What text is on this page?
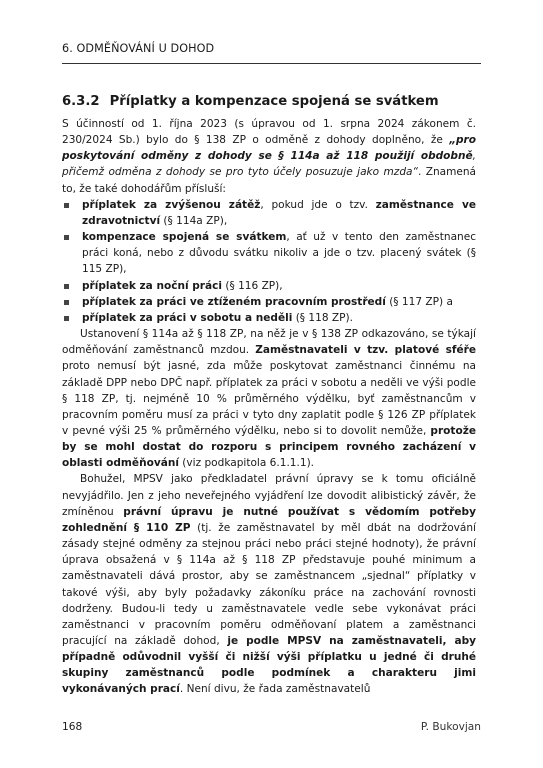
6. ODMĚŇOVÁNÍ U DOHOD
6.3.2 Příplatky a kompenzace spojená se svátkem

S účinností od 1. října 2023 (s úpravou od 1. srpna 2024 zákonem č. 230/2024 Sb.) bylo do § 138 ZP o odměně z dohody doplněno, že „pro poskytování odměny z dohody se § 114a až 118 použijí obdobně, přičemž odměna z dohody se pro tyto účely posuzuje jako mzda“. Znamená to, že také dohodářům přísluší:

příplatek za zvýšenou zátěž, pokud jde o tzv. zaměstnance ve zdravotnictví (§ 114a ZP),
kompenzace spojená se svátkem, ať už v tento den zaměstnanec práci koná, nebo z důvodu svátku nikoliv a jde o tzv. placený svátek (§ 115 ZP),
příplatek za noční práci (§ 116 ZP),
příplatek za práci ve ztíženém pracovním prostředí (§ 117 ZP) a
příplatek za práci v sobotu a neděli (§ 118 ZP).

Ustanovení § 114a až § 118 ZP, na něž je v § 138 ZP odkazováno, se týkají odměňování zaměstnanců mzdou. Zaměstnavateli v tzv. platové sféře proto nemusí být jasné, zda může poskytovat zaměstnanci činnému na základě DPP nebo DPČ např. příplatek za práci v sobotu a neděli ve výši podle § 118 ZP, tj. nejméně 10 % průměrného výdělku, byť zaměstnancům v pracovním poměru musí za práci v tyto dny zaplatit podle § 126 ZP příplatek v pevné výši 25 % průměrného výdělku, nebo si to dovolit nemůže, protože by se mohl dostat do rozporu s principem rovného zacházení v oblasti odměňování (viz podkapitola 6.1.1.1).

Bohužel, MPSV jako předkladatel právní úpravy se k tomu oficiálně nevyjádřilo. Jen z jeho neveřejného vyjádření lze dovodit alibistický závěr, že zmíněnou právní úpravu je nutné používat s vědomím potřeby zohlednění § 110 ZP (tj. že zaměstnavatel by měl dbát na dodržování zásady stejné odměny za stejnou práci nebo práci stejné hodnoty), že právní úprava obsažená v § 114a až § 118 ZP představuje pouhé minimum a zaměstnavateli dává prostor, aby se zaměstnancem „sjednal“ příplatky v takové výši, aby byly požadavky zákoníku práce na zachování rovnosti dodrženy. Budou-li tedy u zaměstnavatele vedle sebe vykonávat práci zaměstnanci v pracovním poměru odměňovaní platem a zaměstnanci pracující na základě dohod, je podle MPSV na zaměstnavateli, aby případně odůvodnil vyšší či nižší výši příplatku u jedné či druhé skupiny zaměstnanců podle podmínek a charakteru jimi vykonávaných prací. Není divu, že řada zaměstnavatelů

168	P. Bukovjan
